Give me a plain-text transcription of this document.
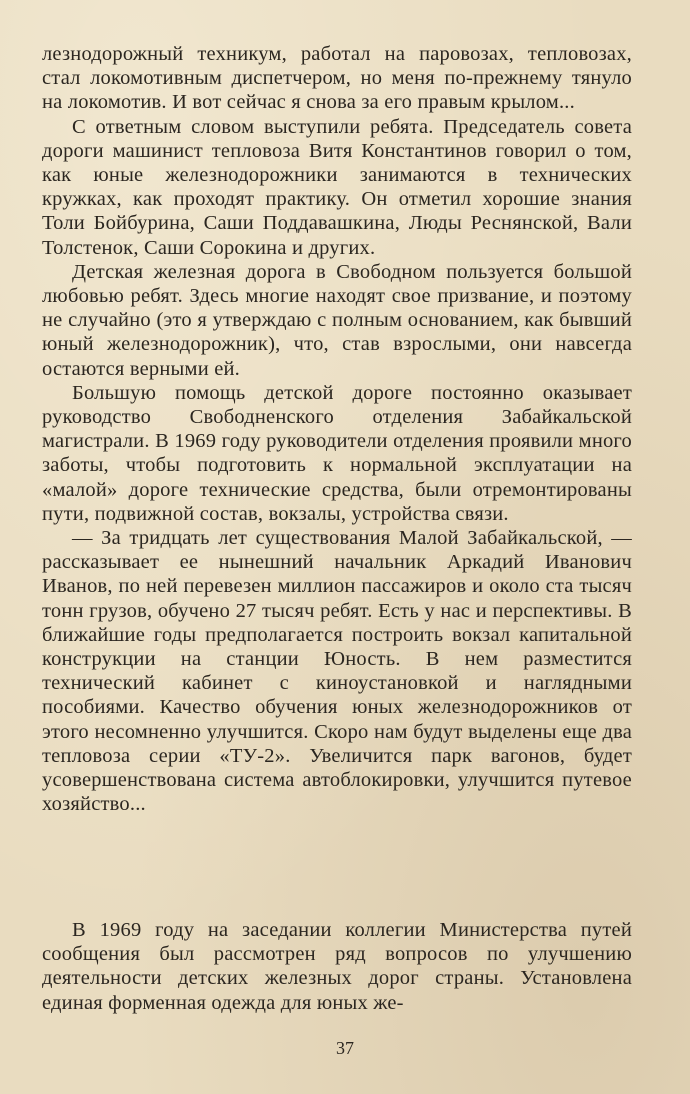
лезнодорожный техникум, работал на паровозах, тепловозах, стал локомотивным диспетчером, но меня по-прежнему тянуло на локомотив. И вот сейчас я снова за его правым крылом...

С ответным словом выступили ребята. Председатель совета дороги машинист тепловоза Витя Константинов говорил о том, как юные железнодорожники занимаются в технических кружках, как проходят практику. Он отметил хорошие знания Толи Бойбурина, Саши Поддавашкина, Люды Реснянской, Вали Толстенок, Саши Сорокина и других.

Детская железная дорога в Свободном пользуется большой любовью ребят. Здесь многие находят свое призвание, и поэтому не случайно (это я утверждаю с полным основанием, как бывший юный железнодорожник), что, став взрослыми, они навсегда остаются верными ей.

Большую помощь детской дороге постоянно оказывает руководство Свободненского отделения Забайкальской магистрали. В 1969 году руководители отделения проявили много заботы, чтобы подготовить к нормальной эксплуатации на «малой» дороге технические средства, были отремонтированы пути, подвижной состав, вокзалы, устройства связи.

— За тридцать лет существования Малой Забайкальской, — рассказывает ее нынешний начальник Аркадий Иванович Иванов, по ней перевезен миллион пассажиров и около ста тысяч тонн грузов, обучено 27 тысяч ребят. Есть у нас и перспективы. В ближайшие годы предполагается построить вокзал капитальной конструкции на станции Юность. В нем разместится технический кабинет с киноустановкой и наглядными пособиями. Качество обучения юных железнодорожников от этого несомненно улучшится. Скоро нам будут выделены еще два тепловоза серии «ТУ-2». Увеличится парк вагонов, будет усовершенствована система автоблокировки, улучшится путевое хозяйство...

В 1969 году на заседании коллегии Министерства путей сообщения был рассмотрен ряд вопросов по улучшению деятельности детских железных дорог страны. Установлена единая форменная одежда для юных же-

37
